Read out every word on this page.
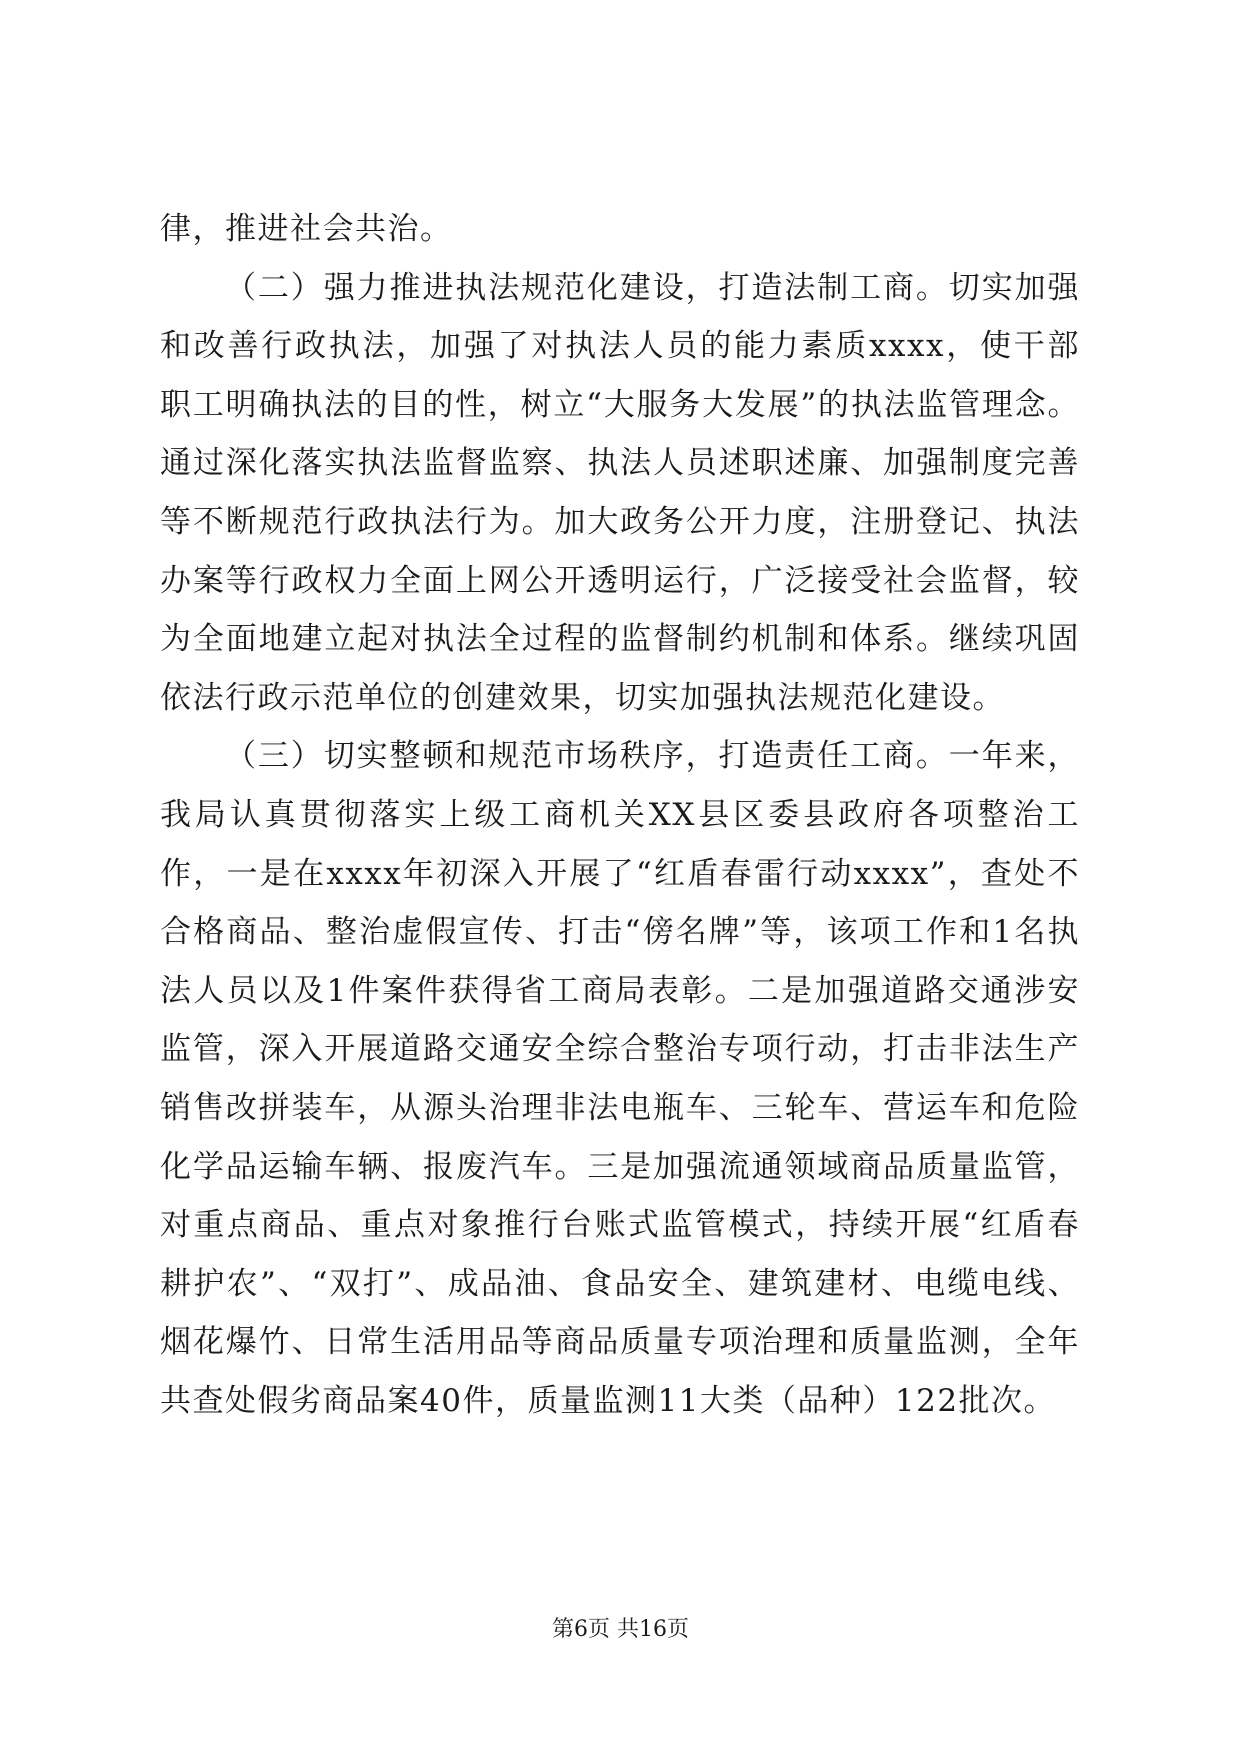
律，推进社会共治。

（二）强力推进执法规范化建设，打造法制工商。切实加强和改善行政执法，加强了对执法人员的能力素质xxxx，使干部职工明确执法的目的性，树立“大服务大发展”的执法监管理念。通过深化落实执法监督监察、执法人员述职述廉、加强制度完善等不断规范行政执法行为。加大政务公开力度，注册登记、执法办案等行政权力全面上网公开透明运行，广泛接受社会监督，较为全面地建立起对执法全过程的监督制约机制和体系。继续巩固依法行政示范单位的创建效果，切实加强执法规范化建设。

（三）切实整顿和规范市场秩序，打造责任工商。一年来，我局认真贯彻落实上级工商机关XX县区委县政府各项整治工作，一是在xxxx年初深入开展了“红盾春雷行动xxxx”，查处不合格商品、整治虚假宣传、打击“傍名牌”等，该项工作和1名执法人员以及1件案件获得省工商局表彰。二是加强道路交通涉安监管，深入开展道路交通安全综合整治专项行动，打击非法生产销售改拼装车，从源头治理非法电瓶车、三轮车、营运车和危险化学品运输车辆、报废汽车。三是加强流通领域商品质量监管，对重点商品、重点对象推行台账式监管模式，持续开展“红盾春耕护农”、“双打”、成品油、食品安全、建筑建材、电缆电线、烟花爆竹、日常生活用品等商品质量专项治理和质量监测，全年共查处假劣商品案40件，质量监测11大类（品种）122批次。

第6页 共16页
